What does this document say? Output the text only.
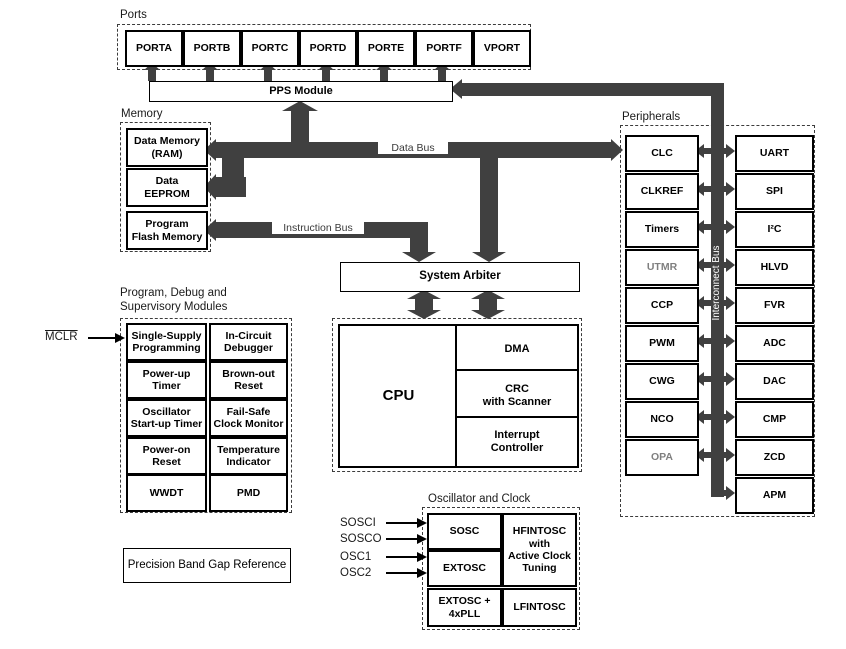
Ports
PORTA	PORTB	PORTC	PORTD	PORTE	PORTF	VPORT
PPS Module
Memory
Data Memory
(RAM)
Data
EEPROM
Program
Flash Memory
Data Bus
Instruction Bus
System Arbiter
CPU
DMA
CRC
with Scanner
Interrupt
Controller
Peripherals
Interconnect Bus
CLC
CLKREF
Timers
UTMR
CCP
PWM
CWG
NCO
OPA
UART
SPI
I²C
HLVD
FVR
ADC
DAC
CMP
ZCD
APM
Program, Debug and
Supervisory Modules
MCLR	Single-Supply
Programming
In-Circuit
Debugger
Power-up
Timer
Brown-out
Reset
Oscillator
Start-up Timer
Fail-Safe
Clock Monitor
Power-on
Reset
Temperature
Indicator
WWDT	PMD
Precision Band Gap Reference
Oscillator and Clock
SOSC
EXTOSC
EXTOSC +
4xPLL
HFINTOSC
with
Active Clock
Tuning
LFINTOSC
SOSCI
SOSCO
OSC1
OSC2
